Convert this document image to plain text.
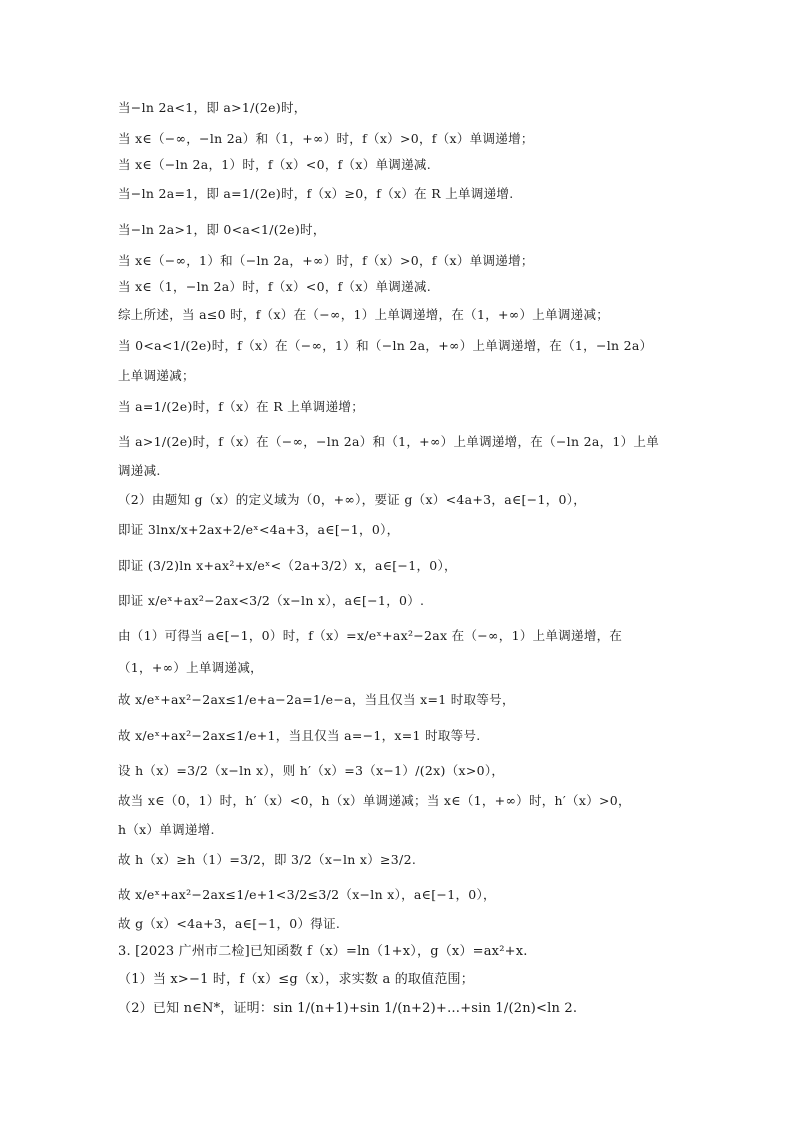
当−ln 2a<1，即 a>1/(2e)时，
当 x∈（−∞，−ln 2a）和（1，+∞）时，f（x）>0，f（x）单调递增；
当 x∈（−ln 2a，1）时，f（x）<0，f（x）单调递减.
当−ln 2a=1，即 a=1/(2e)时，f（x）≥0，f（x）在 R 上单调递增.
当−ln 2a>1，即 0<a<1/(2e)时，
当 x∈（−∞，1）和（−ln 2a，+∞）时，f（x）>0，f（x）单调递增；
当 x∈（1，−ln 2a）时，f（x）<0，f（x）单调递减.
综上所述，当 a≤0 时，f（x）在（−∞，1）上单调递增，在（1，+∞）上单调递减；
当 0<a<1/(2e)时，f（x）在（−∞，1）和（−ln 2a，+∞）上单调递增，在（1，−ln 2a）
上单调递减；
当 a=1/(2e)时，f（x）在 R 上单调递增；
当 a>1/(2e)时，f（x）在（−∞，−ln 2a）和（1，+∞）上单调递增，在（−ln 2a，1）上单
调递减.
（2）由题知 g（x）的定义域为（0，+∞），要证 g（x）<4a+3，a∈[−1，0），
即证 3lnx/x+2ax+2/eˣ<4a+3，a∈[−1，0），
即证 (3/2)ln x+ax²+x/eˣ<（2a+3/2）x，a∈[−1，0），
即证 x/eˣ+ax²−2ax<3/2（x−ln x），a∈[−1，0）.
由（1）可得当 a∈[−1，0）时，f（x）=x/eˣ+ax²−2ax 在（−∞，1）上单调递增，在
（1，+∞）上单调递减，
故 x/eˣ+ax²−2ax≤1/e+a−2a=1/e−a，当且仅当 x=1 时取等号，
故 x/eˣ+ax²−2ax≤1/e+1，当且仅当 a=−1，x=1 时取等号.
设 h（x）=3/2（x−ln x），则 h′（x）=3（x−1）/(2x)（x>0），
故当 x∈（0，1）时，h′（x）<0，h（x）单调递减；当 x∈（1，+∞）时，h′（x）>0，
h（x）单调递增.
故 h（x）≥h（1）=3/2，即 3/2（x−ln x）≥3/2.
故 x/eˣ+ax²−2ax≤1/e+1<3/2≤3/2（x−ln x），a∈[−1，0），
故 g（x）<4a+3，a∈[−1，0）得证.
3. [2023 广州市二检]已知函数 f（x）=ln（1+x），g（x）=ax²+x.
（1）当 x>−1 时，f（x）≤g（x），求实数 a 的取值范围；
（2）已知 n∈N*，证明：sin 1/(n+1)+sin 1/(n+2)+…+sin 1/(2n)<ln 2.
